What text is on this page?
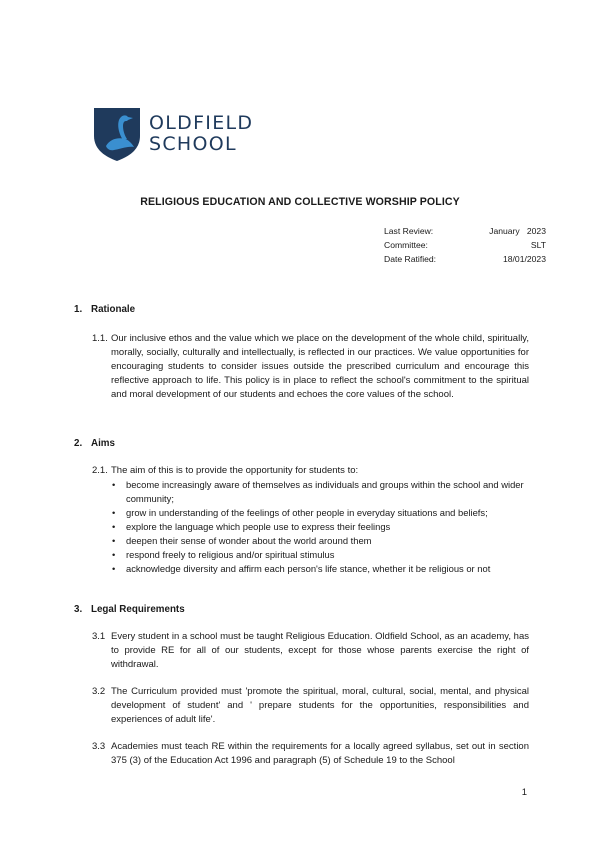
OLDFIELD
SCHOOL
RELIGIOUS EDUCATION AND COLLECTIVE WORSHIP POLICY
Last Review:	January   2023
Committee:	SLT
Date Ratified:	18/01/2023
1. Rationale
1.1. Our inclusive ethos and the value which we place on the development of the whole child, spiritually, morally, socially, culturally and intellectually, is reflected in our practices. We value opportunities for encouraging students to consider issues outside the prescribed curriculum and encourage this reflective approach to life. This policy is in place to reflect the school's commitment to the spiritual and moral development of our students and echoes the core values of the school.
2. Aims
2.1. The aim of this is to provide the opportunity for students to:
•	become increasingly aware of themselves as individuals and groups within the school and wider community;
•	grow in understanding of the feelings of other people in everyday situations and beliefs;
•	explore the language which people use to express their feelings
•	deepen their sense of wonder about the world around them
•	respond freely to religious and/or spiritual stimulus
•	acknowledge diversity and affirm each person's life stance, whether it be religious or not
3. Legal Requirements
3.1 Every student in a school must be taught Religious Education. Oldfield School, as an academy, has to provide RE for all of our students, except for those whose parents exercise the right of withdrawal.
3.2 The Curriculum provided must 'promote the spiritual, moral, cultural, social, mental, and physical development of student' and ' prepare students for the opportunities, responsibilities and experiences of adult life'.
3.3 Academies must teach RE within the requirements for a locally agreed syllabus, set out in section 375 (3) of the Education Act 1996 and paragraph (5) of Schedule 19 to the School
1
